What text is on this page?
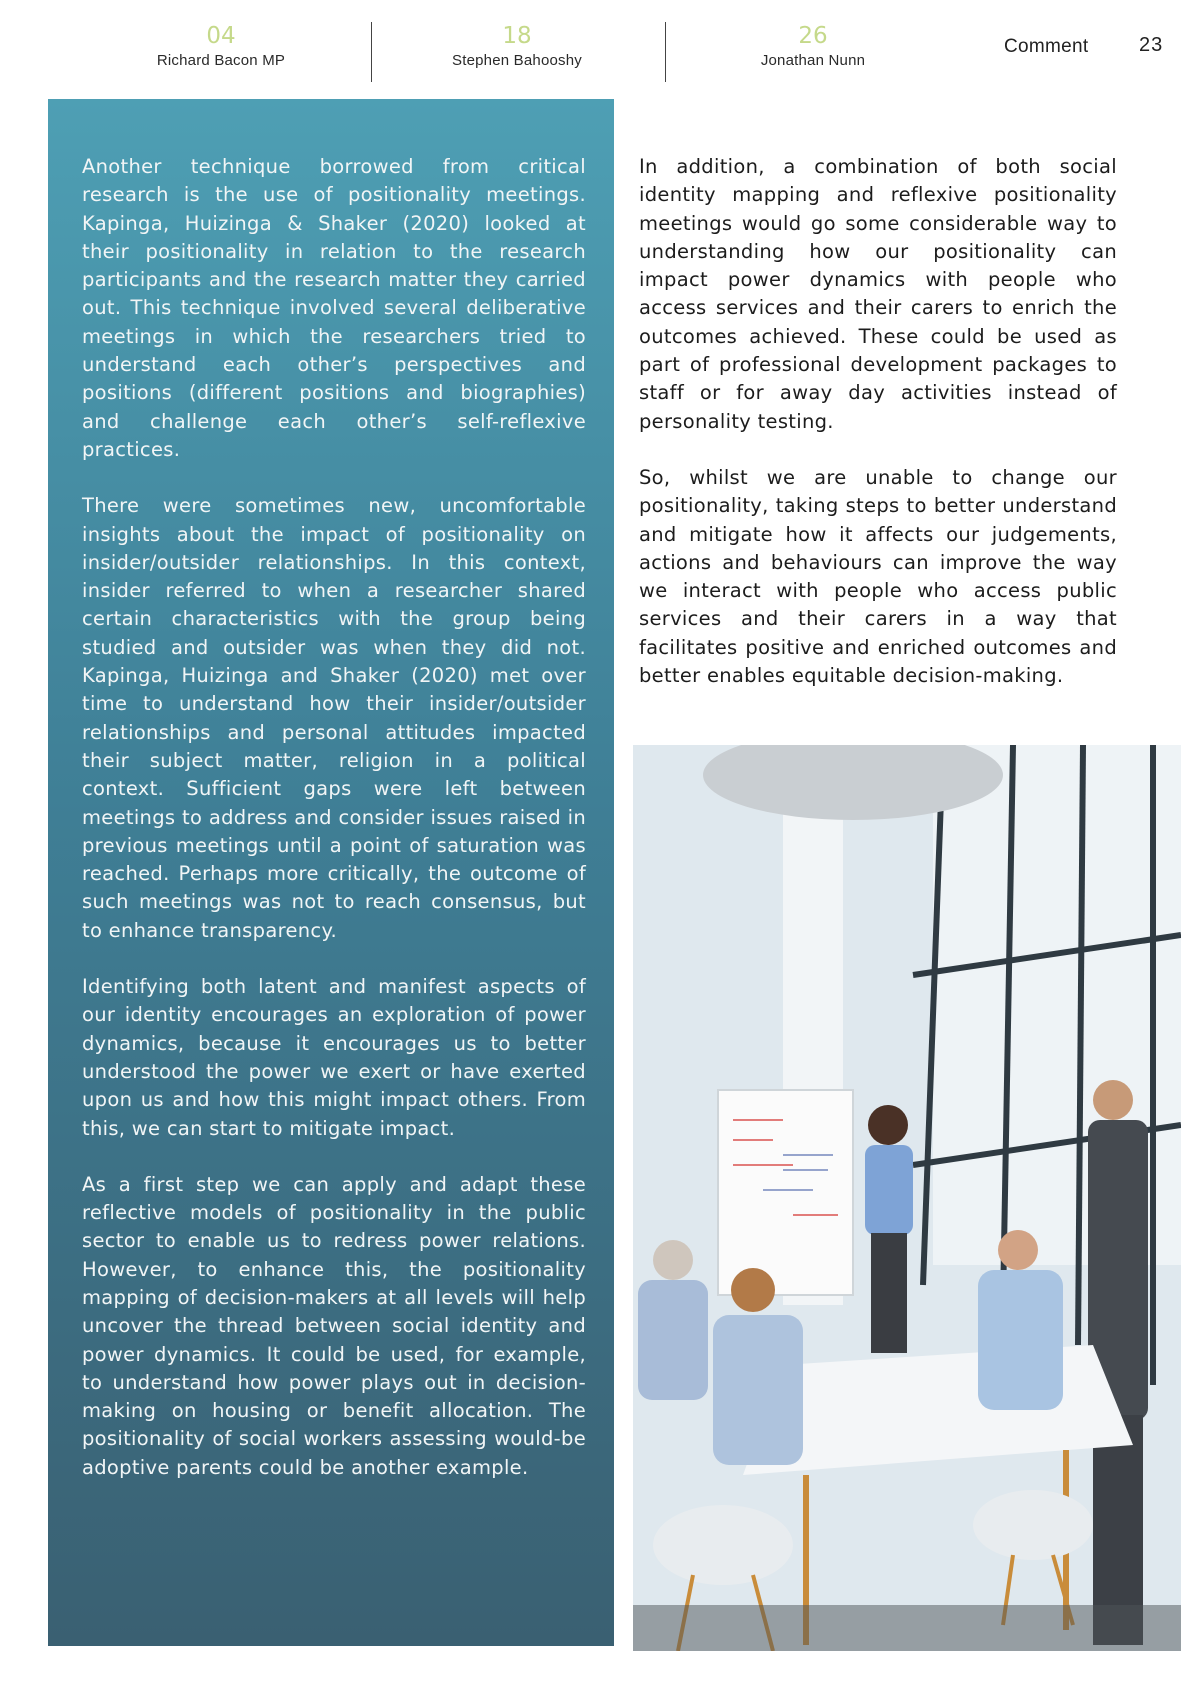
04
Richard Bacon MP
18
Stephen Bahooshy
26
Jonathan Nunn
Comment	23

Another technique borrowed from critical research is the use of positionality meetings. Kapinga, Huizinga & Shaker (2020) looked at their positionality in relation to the research participants and the research matter they carried out. This technique involved several deliberative meetings in which the researchers tried to understand each other’s perspectives and positions (different positions and biographies) and challenge each other’s self-reflexive practices.

There were sometimes new, uncomfortable insights about the impact of positionality on insider/outsider relationships. In this context, insider referred to when a researcher shared certain characteristics with the group being studied and outsider was when they did not. Kapinga, Huizinga and Shaker (2020) met over time to understand how their insider/outsider relationships and personal attitudes impacted their subject matter, religion in a political context. Sufficient gaps were left between meetings to address and consider issues raised in previous meetings until a point of saturation was reached. Perhaps more critically, the outcome of such meetings was not to reach consensus, but to enhance transparency.

Identifying both latent and manifest aspects of our identity encourages an exploration of power dynamics, because it encourages us to better understood the power we exert or have exerted upon us and how this might impact others. From this, we can start to mitigate impact.

As a first step we can apply and adapt these reflective models of positionality in the public sector to enable us to redress power relations. However, to enhance this, the positionality mapping of decision-makers at all levels will help uncover the thread between social identity and power dynamics. It could be used, for example, to understand how power plays out in decision-making on housing or benefit allocation. The positionality of social workers assessing would-be adoptive parents could be another example.

In addition, a combination of both social identity mapping and reflexive positionality meetings would go some considerable way to understanding how our positionality can impact power dynamics with people who access services and their carers to enrich the outcomes achieved. These could be used as part of professional development packages to staff or for away day activities instead of personality testing.

So, whilst we are unable to change our positionality, taking steps to better understand and mitigate how it affects our judgements, actions and behaviours can improve the way we interact with people who access public services and their carers in a way that facilitates positive and enriched outcomes and better enables equitable decision-making.
